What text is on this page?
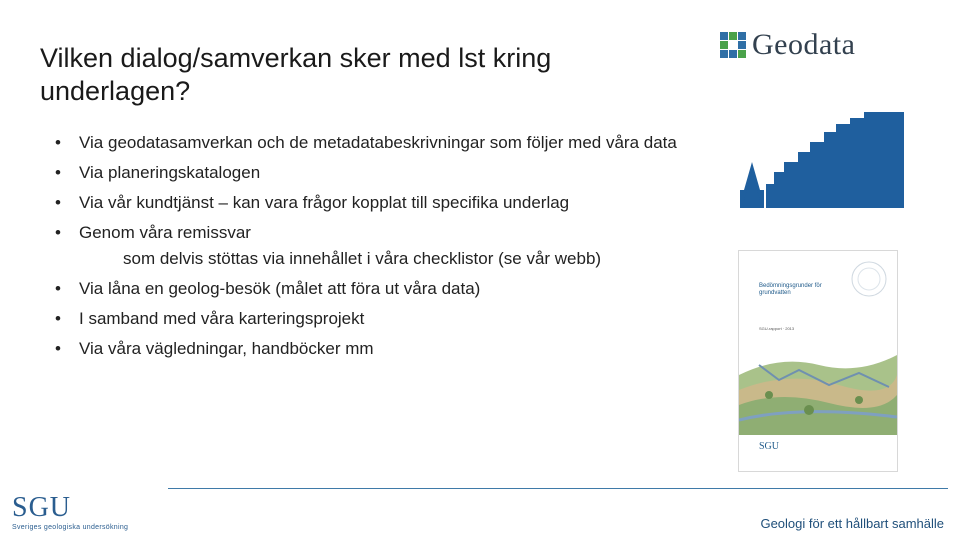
Vilken dialog/samverkan sker med lst kring underlagen?
•	Via geodatasamverkan och de metadatabeskrivningar som följer med våra data
•	Via planeringskatalogen
•	Via vår kundtjänst – kan vara frågor kopplat till specifika underlag
•	Genom våra remissvar
som delvis stöttas via innehållet i våra checklistor (se vår webb)
•	Via låna en geolog-besök (målet att föra ut våra data)
•	I samband med våra karteringsprojekt
•	Via våra vägledningar, handböcker mm
Geodata
Bedömningsgrunder för grundvatten
SGU-rapport · 2013
SGU
SGU
Sveriges geologiska undersökning	Geologi för ett hållbart samhälle
